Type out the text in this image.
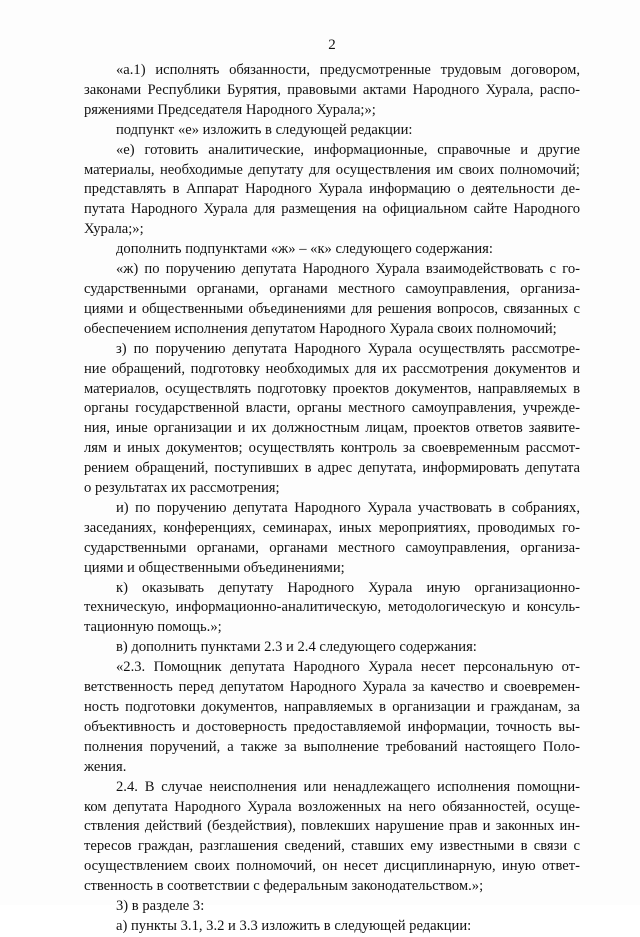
2
«а.1) исполнять обязанности, предусмотренные трудовым договором,
законами Республики Бурятия, правовыми актами Народного Хурала, распо-
ряжениями Председателя Народного Хурала;»;
подпункт «е» изложить в следующей редакции:
«е) готовить аналитические, информационные, справочные и другие
материалы, необходимые депутату для осуществления им своих полномочий;
представлять в Аппарат Народного Хурала информацию о деятельности де-
путата Народного Хурала для размещения на официальном сайте Народного
Хурала;»;
дополнить подпунктами «ж» – «к» следующего содержания:
«ж) по поручению депутата Народного Хурала взаимодействовать с го-
сударственными органами, органами местного самоуправления, организа-
циями и общественными объединениями для решения вопросов, связанных с
обеспечением исполнения депутатом Народного Хурала своих полномочий;
з) по поручению депутата Народного Хурала осуществлять рассмотре-
ние обращений, подготовку необходимых для их рассмотрения документов и
материалов, осуществлять подготовку проектов документов, направляемых в
органы государственной власти, органы местного самоуправления, учрежде-
ния, иные организации и их должностным лицам, проектов ответов заявите-
лям и иных документов; осуществлять контроль за своевременным рассмот-
рением обращений, поступивших в адрес депутата, информировать депутата
о результатах их рассмотрения;
и) по поручению депутата Народного Хурала участвовать в собраниях,
заседаниях, конференциях, семинарах, иных мероприятиях, проводимых го-
сударственными органами, органами местного самоуправления, организа-
циями и общественными объединениями;
к) оказывать депутату Народного Хурала иную организационно-
техническую, информационно-аналитическую, методологическую и консуль-
тационную помощь.»;
в) дополнить пунктами 2.3 и 2.4 следующего содержания:
«2.3. Помощник депутата Народного Хурала несет персональную от-
ветственность перед депутатом Народного Хурала за качество и своевремен-
ность подготовки документов, направляемых в организации и гражданам, за
объективность и достоверность предоставляемой информации, точность вы-
полнения поручений, а также за выполнение требований настоящего Поло-
жения.
2.4. В случае неисполнения или ненадлежащего исполнения помощни-
ком депутата Народного Хурала возложенных на него обязанностей, осуще-
ствления действий (бездействия), повлекших нарушение прав и законных ин-
тересов граждан, разглашения сведений, ставших ему известными в связи с
осуществлением своих полномочий, он несет дисциплинарную, иную ответ-
ственность в соответствии с федеральным законодательством.»;
3) в разделе 3:
а) пункты 3.1, 3.2 и 3.3 изложить в следующей редакции:
